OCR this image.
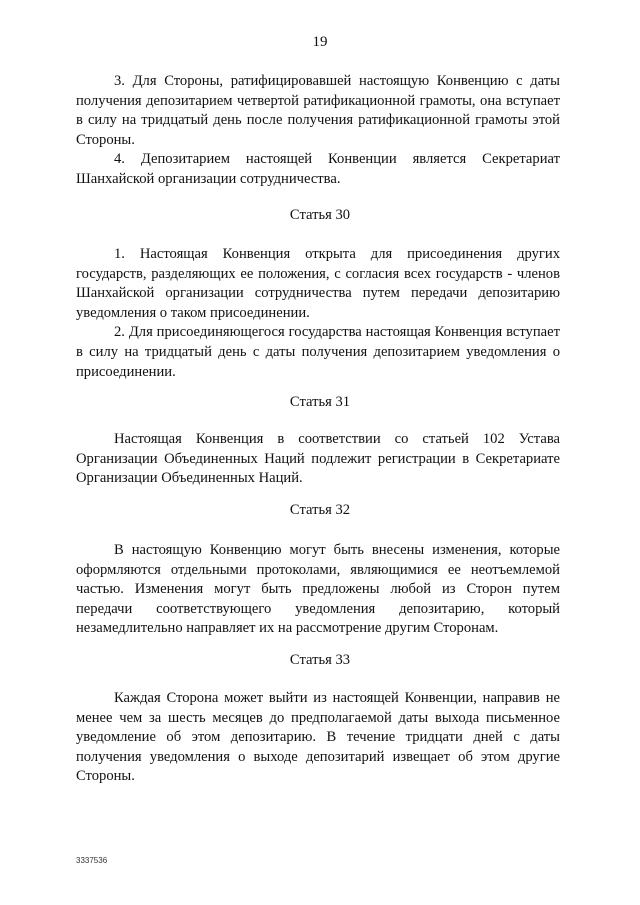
19

3. Для Стороны, ратифицировавшей настоящую Конвенцию с даты получения депозитарием четвертой ратификационной грамоты, она вступает в силу на тридцатый день после получения ратификационной грамоты этой Стороны.

4. Депозитарием настоящей Конвенции является Секретариат Шанхайской организации сотрудничества.

Статья 30

1. Настоящая Конвенция открыта для присоединения других государств, разделяющих ее положения, с согласия всех государств - членов Шанхайской организации сотрудничества путем передачи депозитарию уведомления о таком присоединении.

2. Для присоединяющегося государства настоящая Конвенция вступает в силу на тридцатый день с даты получения депозитарием уведомления о присоединении.

Статья 31

Настоящая Конвенция в соответствии со статьей 102 Устава Организации Объединенных Наций подлежит регистрации в Секретариате Организации Объединенных Наций.

Статья 32

В настоящую Конвенцию могут быть внесены изменения, которые оформляются отдельными протоколами, являющимися ее неотъемлемой частью. Изменения могут быть предложены любой из Сторон путем передачи соответствующего уведомления депозитарию, который незамедлительно направляет их на рассмотрение другим Сторонам.

Статья 33

Каждая Сторона может выйти из настоящей Конвенции, направив не менее чем за шесть месяцев до предполагаемой даты выхода письменное уведомление об этом депозитарию. В течение тридцати дней с даты получения уведомления о выходе депозитарий извещает об этом другие Стороны.

3337536
